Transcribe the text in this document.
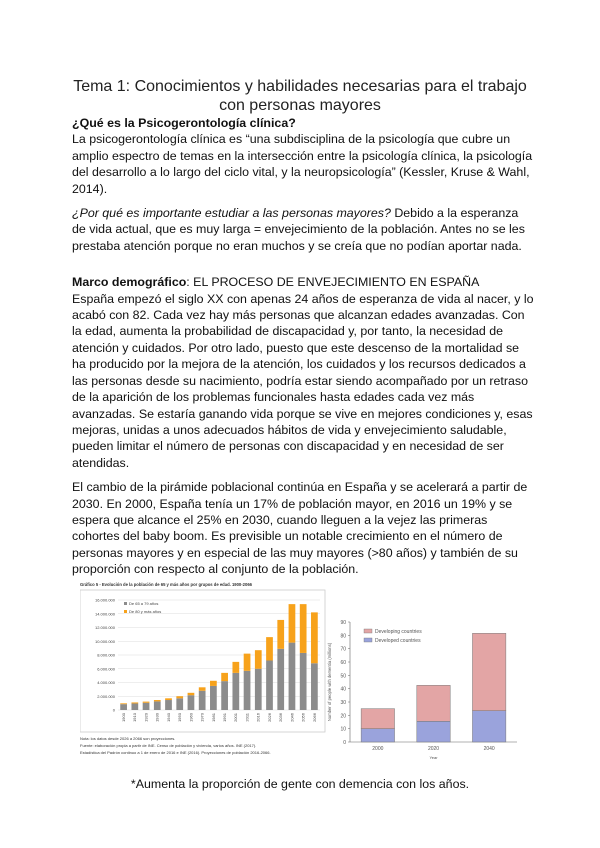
Tema 1: Conocimientos y habilidades necesarias para el trabajo con personas mayores
¿Qué es la Psicogerontología clínica?
La psicogerontología clínica es “una subdisciplina de la psicología que cubre un amplio espectro de temas en la intersección entre la psicología clínica, la psicología del desarrollo a lo largo del ciclo vital, y la neuropsicología” (Kessler, Kruse & Wahl, 2014).
¿Por qué es importante estudiar a las personas mayores? Debido a la esperanza de vida actual, que es muy larga = envejecimiento de la población. Antes no se les prestaba atención porque no eran muchos y se creía que no podían aportar nada.
Marco demográfico: EL PROCESO DE ENVEJECIMIENTO EN ESPAÑA
España empezó el siglo XX con apenas 24 años de esperanza de vida al nacer, y lo acabó con 82. Cada vez hay más personas que alcanzan edades avanzadas. Con la edad, aumenta la probabilidad de discapacidad y, por tanto, la necesidad de atención y cuidados. Por otro lado, puesto que este descenso de la mortalidad se ha producido por la mejora de la atención, los cuidados y los recursos dedicados a las personas desde su nacimiento, podría estar siendo acompañado por un retraso de la aparición de los problemas funcionales hasta edades cada vez más avanzadas. Se estaría ganando vida porque se vive en mejores condiciones y, esas mejoras, unidas a unos adecuados hábitos de vida y envejecimiento saludable, pueden limitar el número de personas con discapacidad y en necesidad de ser atendidas.
El cambio de la pirámide poblacional continúa en España y se acelerará a partir de 2030. En 2000, España tenía un 17% de población mayor, en 2016 un 19% y se espera que alcance el 25% en 2030, cuando lleguen a la vejez las primeras cohortes del baby boom. Es previsible un notable crecimiento en el número de personas mayores y en especial de las muy mayores (>80 años) y también de su proporción con respecto al conjunto de la población.
Gráfico 5 - Evolución de la población de 65 y más años por grupos de edad. 1900-2066
0
2.000.000
4.000.000
6.000.000
8.000.000
10.000.000
12.000.000
14.000.000
16.000.000
1900 1910 1920 1930 1940 1950 1960 1970 1981 1991 2001 2011 2016 2026 2036 2046 2056 2066
De 65 a 79 años
De 80 y más años
Nota: los datos desde 2026 a 2066 son proyecciones.
Fuente: elaboración propia a partir de INE. Censo de población y vivienda, varios años. INE (2017).
Estadística del Padrón continuo a 1 de enero de 2016 e INE (2016). Proyecciones de población 2016-2066.
0
10
20
30
40
50
60
70
80
90
2000	2020	2040
Year
Number of people with dementia (millions)
Developing countries
Developed countries
*Aumenta la proporción de gente con demencia con los años.
